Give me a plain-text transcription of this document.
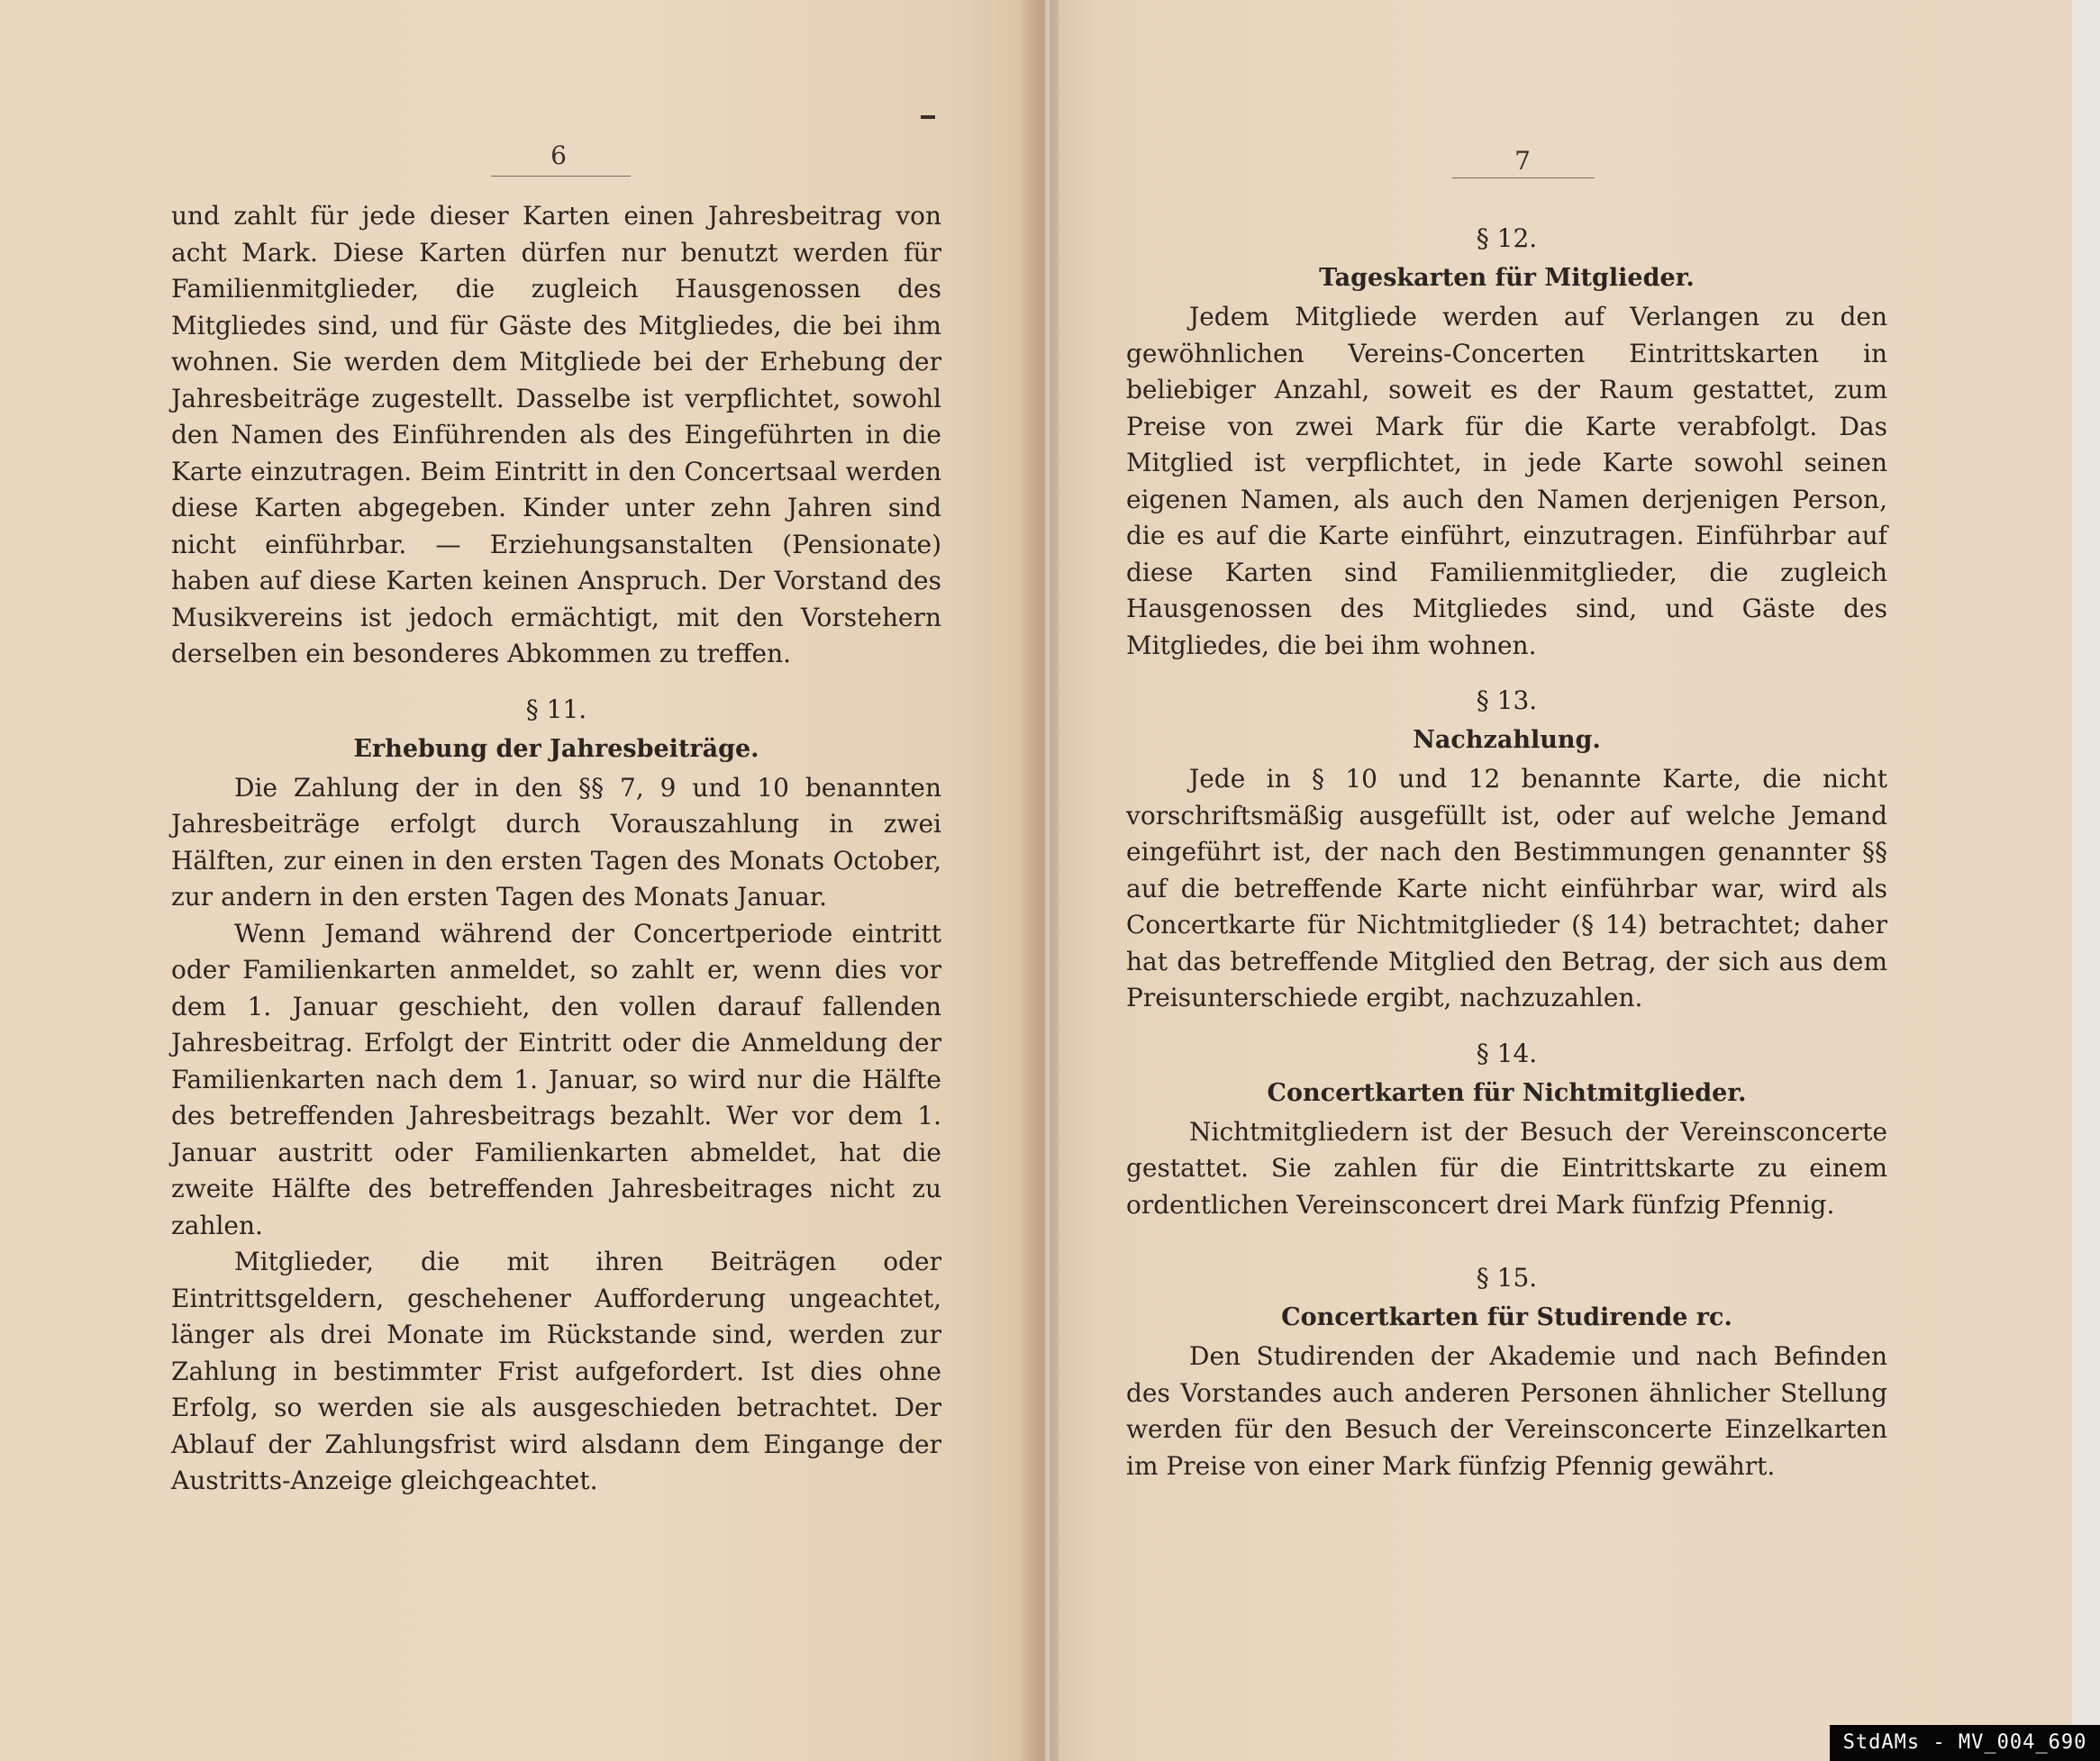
6

und zahlt für jede dieser Karten einen Jahresbeitrag von acht Mark. Diese Karten dürfen nur benutzt werden für Familienmitglieder, die zugleich Hausgenossen des Mitgliedes sind, und für Gäste des Mitgliedes, die bei ihm wohnen. Sie werden dem Mitgliede bei der Erhebung der Jahresbeiträge zugestellt. Dasselbe ist verpflichtet, sowohl den Namen des Einführenden als des Eingeführten in die Karte einzutragen. Beim Eintritt in den Concertsaal werden diese Karten abgegeben. Kinder unter zehn Jahren sind nicht einführbar. — Erziehungsanstalten (Pensionate) haben auf diese Karten keinen Anspruch. Der Vorstand des Musikvereins ist jedoch ermächtigt, mit den Vorstehern derselben ein besonderes Abkommen zu treffen.

§ 11.
Erhebung der Jahresbeiträge.

Die Zahlung der in den §§ 7, 9 und 10 benannten Jahresbeiträge erfolgt durch Vorauszahlung in zwei Hälften, zur einen in den ersten Tagen des Monats October, zur andern in den ersten Tagen des Monats Januar.

Wenn Jemand während der Concertperiode eintritt oder Familienkarten anmeldet, so zahlt er, wenn dies vor dem 1. Januar geschieht, den vollen darauf fallenden Jahresbeitrag. Erfolgt der Eintritt oder die Anmeldung der Familienkarten nach dem 1. Januar, so wird nur die Hälfte des betreffenden Jahresbeitrags bezahlt. Wer vor dem 1. Januar austritt oder Familienkarten abmeldet, hat die zweite Hälfte des betreffenden Jahresbeitrages nicht zu zahlen.

Mitglieder, die mit ihren Beiträgen oder Eintrittsgeldern, geschehener Aufforderung ungeachtet, länger als drei Monate im Rückstande sind, werden zur Zahlung in bestimmter Frist aufgefordert. Ist dies ohne Erfolg, so werden sie als ausgeschieden betrachtet. Der Ablauf der Zahlungsfrist wird alsdann dem Eingange der Austritts-Anzeige gleichgeachtet.

7
§ 12.
Tageskarten für Mitglieder.

Jedem Mitgliede werden auf Verlangen zu den gewöhnlichen Vereins-Concerten Eintrittskarten in beliebiger Anzahl, soweit es der Raum gestattet, zum Preise von zwei Mark für die Karte verabfolgt. Das Mitglied ist verpflichtet, in jede Karte sowohl seinen eigenen Namen, als auch den Namen derjenigen Person, die es auf die Karte einführt, einzutragen. Einführbar auf diese Karten sind Familienmitglieder, die zugleich Hausgenossen des Mitgliedes sind, und Gäste des Mitgliedes, die bei ihm wohnen.

§ 13.
Nachzahlung.

Jede in § 10 und 12 benannte Karte, die nicht vorschriftsmäßig ausgefüllt ist, oder auf welche Jemand eingeführt ist, der nach den Bestimmungen genannter §§ auf die betreffende Karte nicht einführbar war, wird als Concertkarte für Nichtmitglieder (§ 14) betrachtet; daher hat das betreffende Mitglied den Betrag, der sich aus dem Preisunterschiede ergibt, nachzuzahlen.

§ 14.
Concertkarten für Nichtmitglieder.

Nichtmitgliedern ist der Besuch der Vereinsconcerte gestattet. Sie zahlen für die Eintrittskarte zu einem ordentlichen Vereinsconcert drei Mark fünfzig Pfennig.

§ 15.
Concertkarten für Studirende rc.

Den Studirenden der Akademie und nach Befinden des Vorstandes auch anderen Personen ähnlicher Stellung werden für den Besuch der Vereinsconcerte Einzelkarten im Preise von einer Mark fünfzig Pfennig gewährt.

StdAMs - MV_004_690
